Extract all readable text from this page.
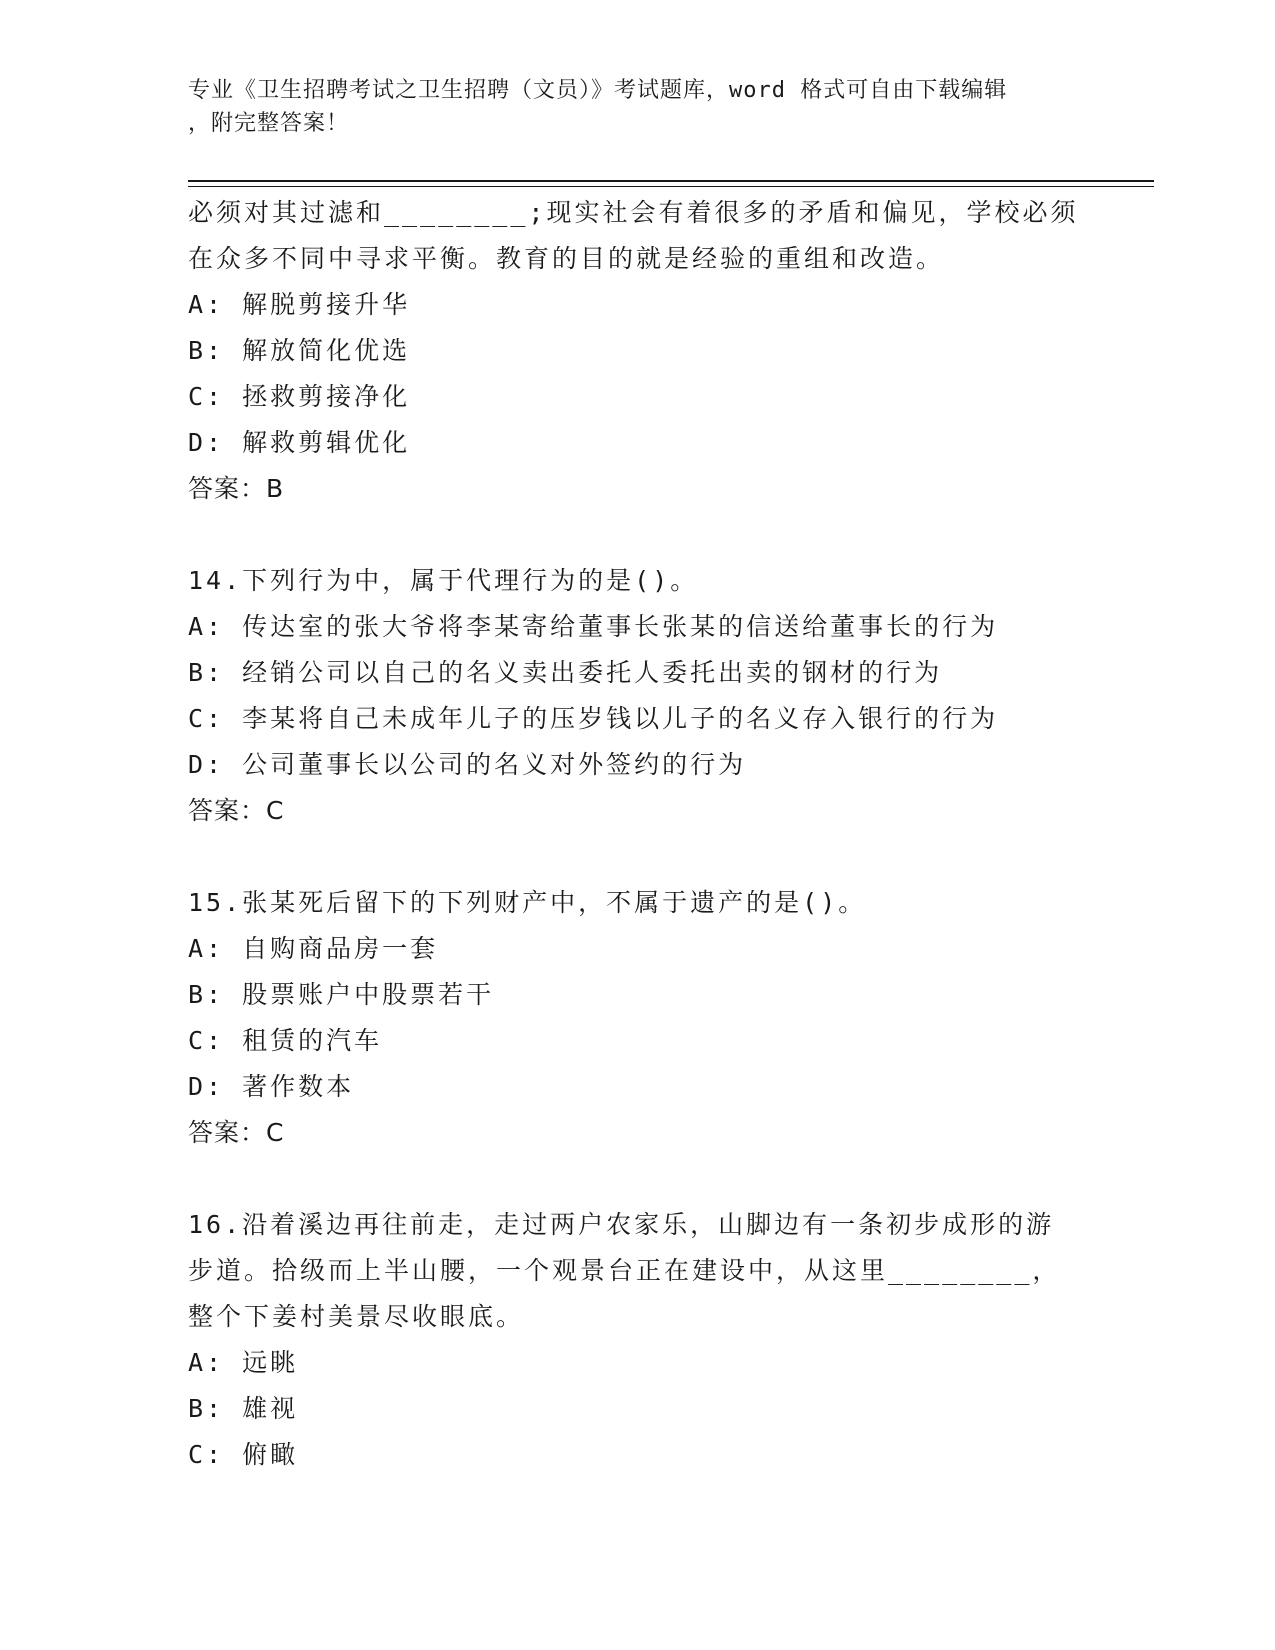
专业《卫生招聘考试之卫生招聘（文员）》考试题库，word 格式可自由下载编辑
，附完整答案！
必须对其过滤和________;现实社会有着很多的矛盾和偏见，学校必须
在众多不同中寻求平衡。教育的目的就是经验的重组和改造。
A: 解脱剪接升华
B: 解放简化优选
C: 拯救剪接净化
D: 解救剪辑优化
答案：B
14.下列行为中，属于代理行为的是()。
A: 传达室的张大爷将李某寄给董事长张某的信送给董事长的行为
B: 经销公司以自己的名义卖出委托人委托出卖的钢材的行为
C: 李某将自己未成年儿子的压岁钱以儿子的名义存入银行的行为
D: 公司董事长以公司的名义对外签约的行为
答案：C
15.张某死后留下的下列财产中，不属于遗产的是()。
A: 自购商品房一套
B: 股票账户中股票若干
C: 租赁的汽车
D: 著作数本
答案：C
16.沿着溪边再往前走，走过两户农家乐，山脚边有一条初步成形的游
步道。拾级而上半山腰，一个观景台正在建设中，从这里________，
整个下姜村美景尽收眼底。
A: 远眺
B: 雄视
C: 俯瞰
